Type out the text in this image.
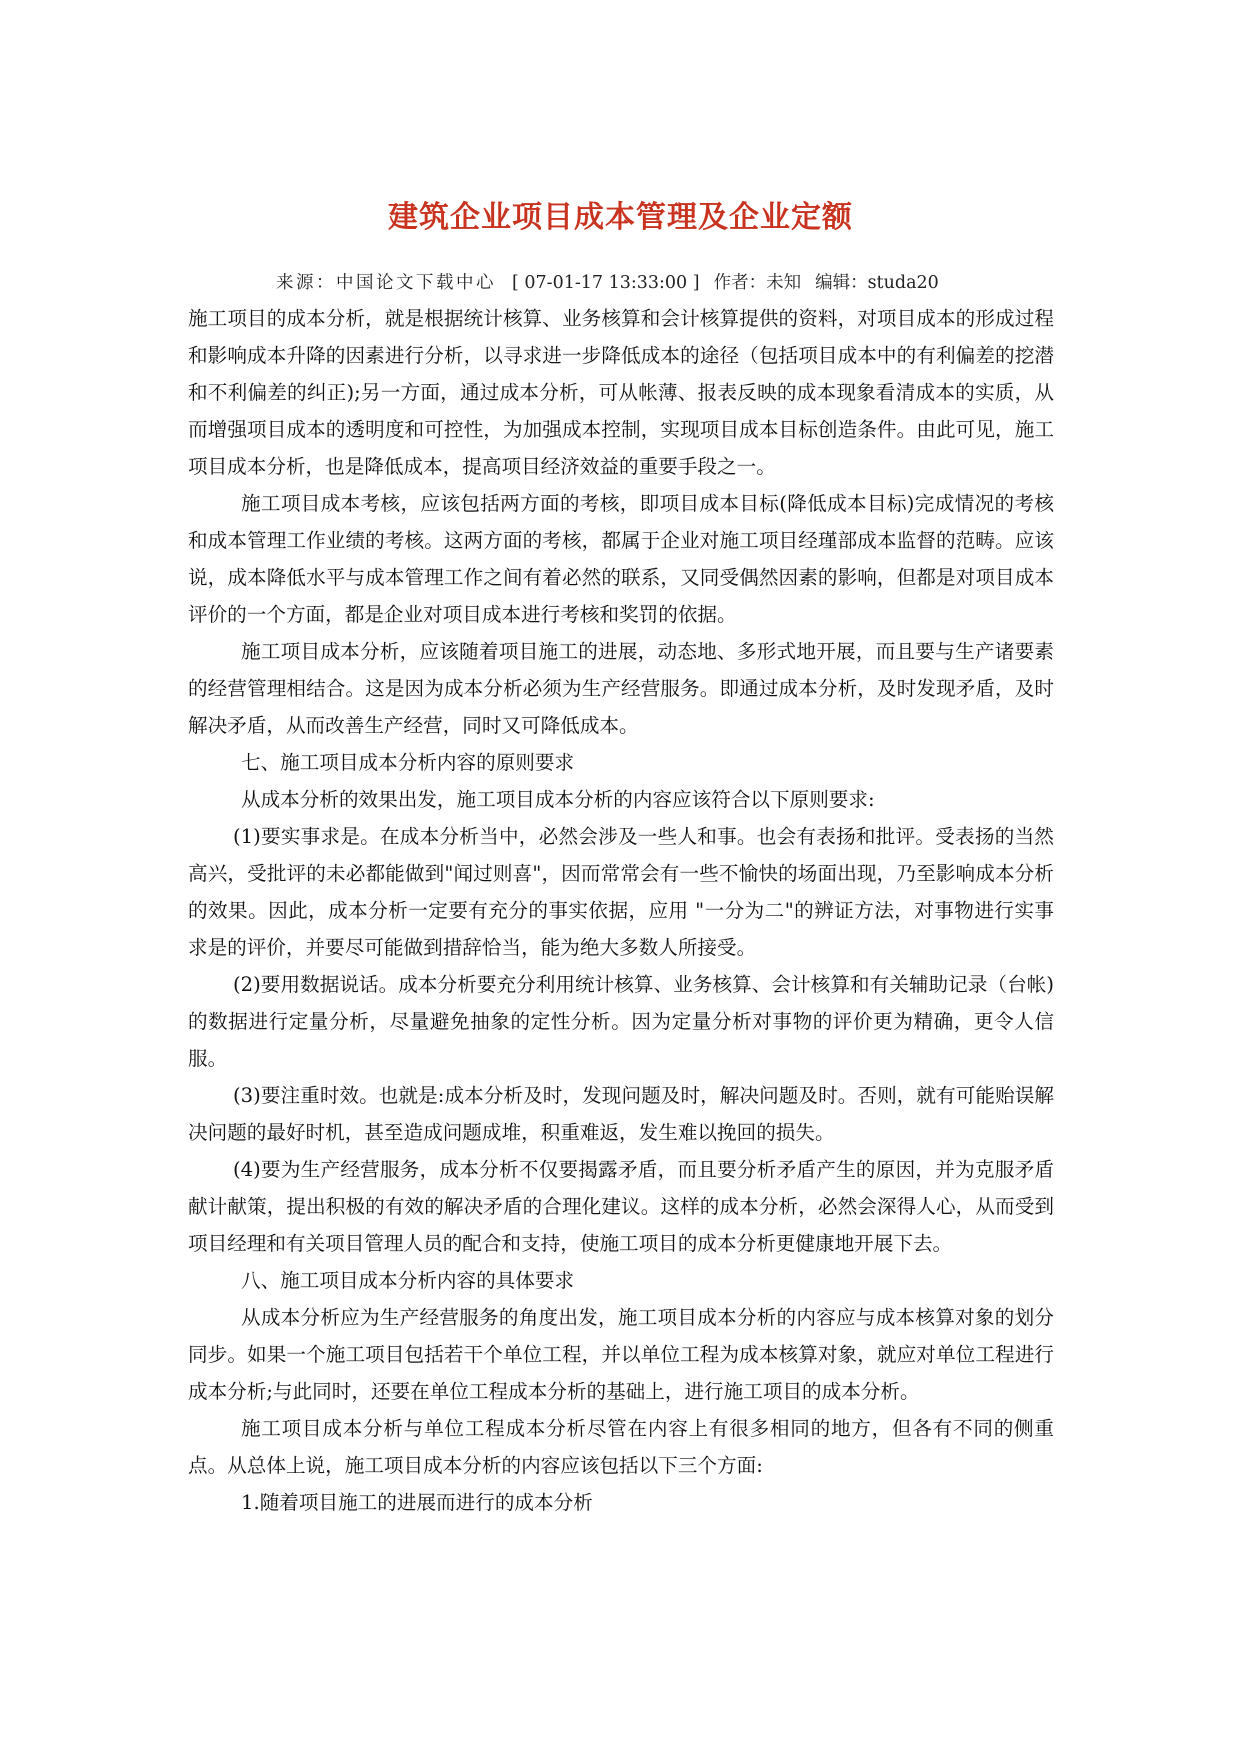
建筑企业项目成本管理及企业定额
来源：中国论文下载中心 [ 07-01-17 13:33:00 ] 作者：未知 编辑：studa20

施工项目的成本分析，就是根据统计核算、业务核算和会计核算提供的资料，对项目成本的形成过程和影响成本升降的因素进行分析，以寻求进一步降低成本的途径（包括项目成本中的有利偏差的挖潜和不利偏差的纠正);另一方面，通过成本分析，可从帐薄、报表反映的成本现象看清成本的实质，从而增强项目成本的透明度和可控性，为加强成本控制，实现项目成本目标创造条件。由此可见，施工项目成本分析，也是降低成本，提高项目经济效益的重要手段之一。

施工项目成本考核，应该包括两方面的考核，即项目成本目标(降低成本目标)完成情况的考核和成本管理工作业绩的考核。这两方面的考核，都属于企业对施工项目经瑾部成本监督的范畴。应该说，成本降低水平与成本管理工作之间有着必然的联系，又同受偶然因素的影响，但都是对项目成本评价的一个方面，都是企业对项目成本进行考核和奖罚的依据。

施工项目成本分析，应该随着项目施工的进展，动态地、多形式地开展，而且要与生产诸要素的经营管理相结合。这是因为成本分析必须为生产经营服务。即通过成本分析，及时发现矛盾，及时解决矛盾，从而改善生产经营，同时又可降低成本。

七、施工项目成本分析内容的原则要求

从成本分析的效果出发，施工项目成本分析的内容应该符合以下原则要求:

(1)要实事求是。在成本分析当中，必然会涉及一些人和事。也会有表扬和批评。受表扬的当然高兴，受批评的未必都能做到"闻过则喜"，因而常常会有一些不愉快的场面出现，乃至影响成本分析的效果。因此，成本分析一定要有充分的事实依据，应用 "一分为二"的辨证方法，对事物进行实事求是的评价，并要尽可能做到措辞恰当，能为绝大多数人所接受。

(2)要用数据说话。成本分析要充分利用统计核算、业务核算、会计核算和有关辅助记录（台帐)的数据进行定量分析，尽量避免抽象的定性分析。因为定量分析对事物的评价更为精确，更令人信服。

(3)要注重时效。也就是:成本分析及时，发现问题及时，解决问题及时。否则，就有可能贻误解决问题的最好时机，甚至造成问题成堆，积重难返，发生难以挽回的损失。

(4)要为生产经营服务，成本分析不仅要揭露矛盾，而且要分析矛盾产生的原因，并为克服矛盾献计献策，提出积极的有效的解决矛盾的合理化建议。这样的成本分析，必然会深得人心，从而受到项目经理和有关项目管理人员的配合和支持，使施工项目的成本分析更健康地开展下去。

八、施工项目成本分析内容的具体要求

从成本分析应为生产经营服务的角度出发，施工项目成本分析的内容应与成本核算对象的划分同步。如果一个施工项目包括若干个单位工程，并以单位工程为成本核算对象，就应对单位工程进行成本分析;与此同时，还要在单位工程成本分析的基础上，进行施工项目的成本分析。

施工项目成本分析与单位工程成本分析尽管在内容上有很多相同的地方，但各有不同的侧重点。从总体上说，施工项目成本分析的内容应该包括以下三个方面:

1.随着项目施工的进展而进行的成本分析
